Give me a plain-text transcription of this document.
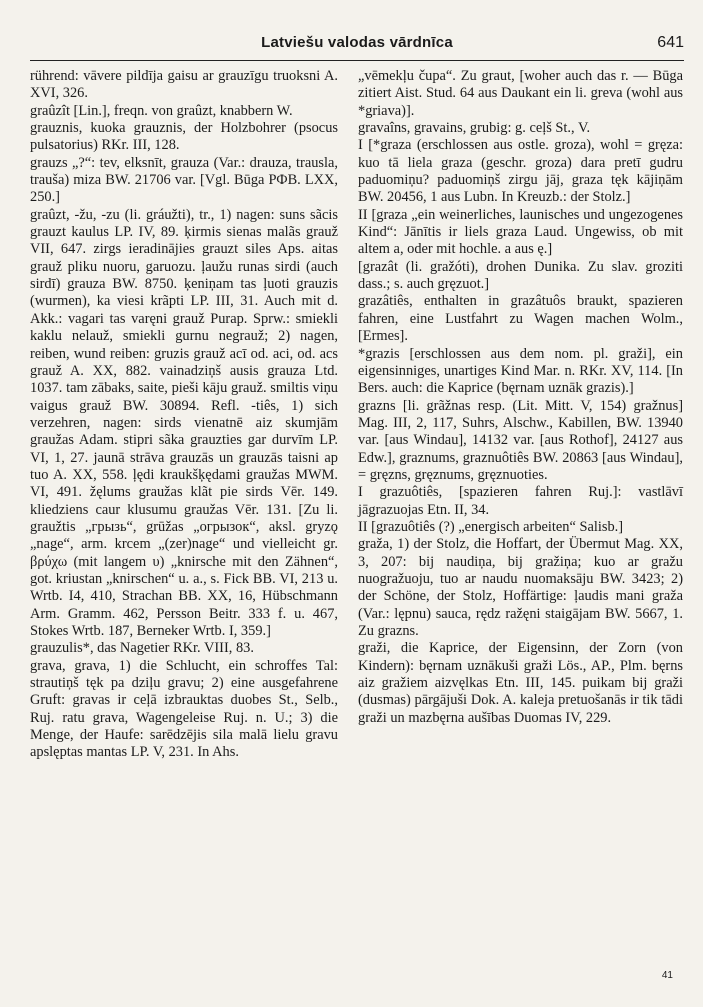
Latviešu valodas vārdnīca	641

rührend: vāvere pildīja gaisu ar grauzīgu truoksni A. XVI, 326.

graûzît [Lin.], freqn. von graûzt, knabbern W.

grauznis, kuoka grauznis, der Holzbohrer (psocus pulsatorius) RKr. III, 128.

grauzs „?“: tev, elksnīt, grauza (Var.: drauza, trausla, trauša) miza BW. 21706 var. [Vgl. Būga РФВ. LXX, 250.]

graûzt, -žu, -zu (li. gráužti), tr., 1) nagen: suns sãcis grauzt kaulus LP. IV, 89. ķirmis sienas malãs grauž VII, 647. zirgs ieradinājies grauzt siles Aps. aitas grauž pliku nuoru, garuozu. ļaužu runas sirdi (auch sirdī) grauza BW. 8750. ķeniņam tas ļuoti grauzis (wurmen), ka viesi krãpti LP. III, 31. Auch mit d. Akk.: vagari tas varęni grauž Purap. Sprw.: smiekli kaklu nelauž, smiekli gurnu negrauž; 2) nagen, reiben, wund reiben: gruzis grauž acī od. aci, od. acs grauž A. XX, 882. vainadziņš ausis grauza Ltd. 1037. tam zābaks, saite, pieši kāju grauž. smiltis viņu vaigus grauž BW. 30894. Refl. -tiês, 1) sich verzehren, nagen: sirds vienatnē aiz skumjām graužas Adam. stipri sãka grauzties gar durvīm LP. VI, 1, 27. jaunā strāva grauzās un grauzās taisni ap tuo A. XX, 558. ļędi kraukšķędami graužas MWM. VI, 491. žęlums graužas klãt pie sirds Vēr. 149. kliedziens caur klusumu graužas Vēr. 131. [Zu li. graužtis „грызь“, grūžas „огрызок“, aksl. gryzǫ „nage“, arm. krcem „(zer)nage“ und vielleicht gr. βρύχω (mit langem υ) „knirsche mit den Zähnen“, got. kriustan „knirschen“ u. a., s. Fick BB. VI, 213 u. Wrtb. I4, 410, Strachan BB. XX, 16, Hübschmann Arm. Gramm. 462, Persson Beitr. 333 f. u. 467, Stokes Wrtb. 187, Berneker Wrtb. I, 359.]

grauzulis*, das Nagetier RKr. VIII, 83.

grava, grava, 1) die Schlucht, ein schroffes Tal: strautiņš tęk pa dziļu gravu; 2) eine ausgefahrene Gruft: gravas ir ceļā izbrauktas duobes St., Selb., Ruj. ratu grava, Wagengeleise Ruj. n. U.; 3) die Menge, der Haufe: sarēdzējis sila malā lielu gravu apslęptas mantas LP. V, 231. In Ahs.

„vēmekļu čupa“. Zu graut, [woher auch das r. — Būga zitiert Aist. Stud. 64 aus Daukant ein li. greva (wohl aus *griava)].

gravaîns, gravains, grubig: g. ceļš St., V.

I [*graza (erschlossen aus ostle. groza), wohl = gręza: kuo tā liela graza (geschr. groza) dara pretī gudru paduomiņu? paduomiņš zirgu jāj, graza tęk kājiņām BW. 20456, 1 aus Lubn. In Kreuzb.: der Stolz.]

II [graza „ein weinerliches, launisches und ungezogenes Kind“: Jānītis ir liels graza Laud. Ungewiss, ob mit altem a, oder mit hochle. a aus ę.]

[grazât (li. gražóti), drohen Dunika. Zu slav. groziti dass.; s. auch gręzuot.]

grazâtiês, enthalten in grazâtuôs braukt, spazieren fahren, eine Lustfahrt zu Wagen machen Wolm., [Ermes].

*grazis [erschlossen aus dem nom. pl. graži], ein eigensinniges, unartiges Kind Mar. n. RKr. XV, 114. [In Bers. auch: die Kaprice (bęrnam uznāk grazis).]

grazns [li. grãžnas resp. (Lit. Mitt. V, 154) gražnus] Mag. III, 2, 117, Suhrs, Alschw., Kabillen, BW. 13940 var. [aus Windau], 14132 var. [aus Rothof], 24127 aus Edw.], graznums, graznuôtiês BW. 20863 [aus Windau], = gręzns, gręznums, gręznuoties.

I grazuôtiês, [spazieren fahren Ruj.]: vastlāvī jāgrazuojas Etn. II, 34.

II [grazuôtiês (?) „energisch arbeiten“ Salisb.]

graža, 1) der Stolz, die Hoffart, der Übermut Mag. XX, 3, 207: bij naudiņa, bij gražiņa; kuo ar gražu nuogražuoju, tuo ar naudu nuomaksāju BW. 3423; 2) der Schöne, der Stolz, Hoffärtige: ļaudis mani graža (Var.: lępnu) sauca, rędz ražęni staigājam BW. 5667, 1. Zu grazns.

graži, die Kaprice, der Eigensinn, der Zorn (von Kindern): bęrnam uznākuši graži Lös., AP., Plm. bęrns aiz gražiem aizvęlkas Etn. III, 145. puikam bij graži (dusmas) pārgājuši Dok. A. kaleja pretuošanās ir tik tādi graži un mazbęrna aušības Duomas IV, 229.

41
